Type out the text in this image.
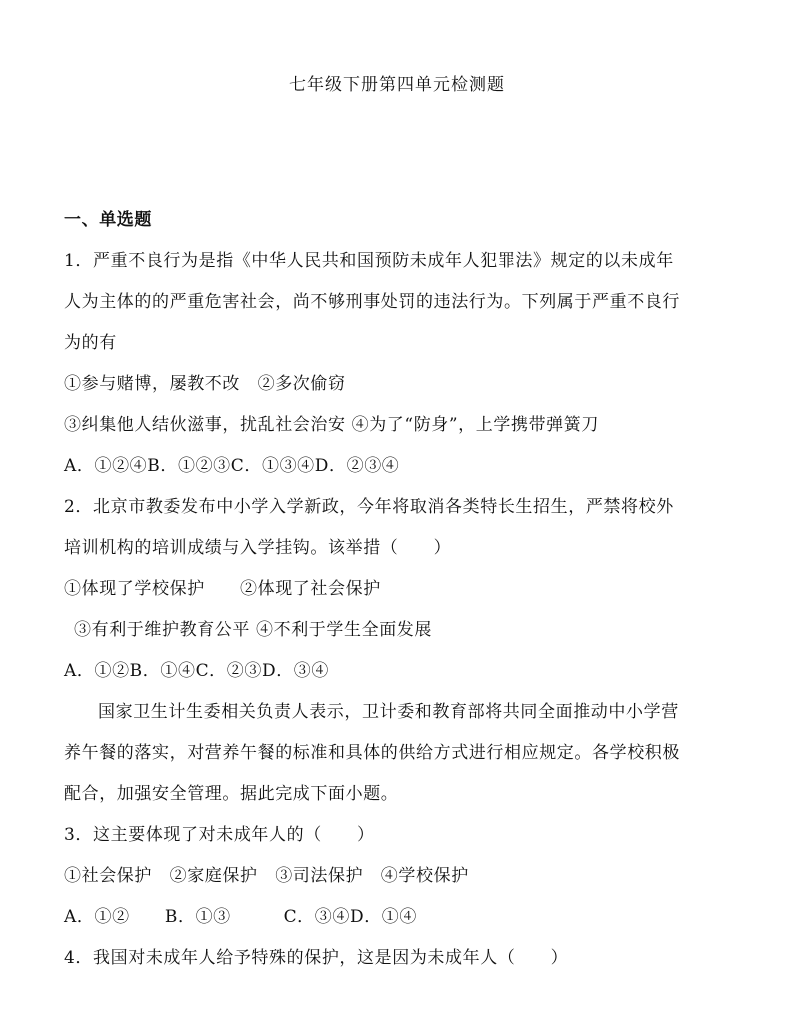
七年级下册第四单元检测题
一、单选题
1．严重不良行为是指《中华人民共和国预防未成年人犯罪法》规定的以未成年
人为主体的的严重危害社会，尚不够刑事处罚的违法行为。下列属于严重不良行
为的有
①参与赌博，屡教不改　②多次偷窃
③纠集他人结伙滋事，扰乱社会治安 ④为了“防身”，上学携带弹簧刀
A．①②④B．①②③C．①③④D．②③④
2．北京市教委发布中小学入学新政，今年将取消各类特长生招生，严禁将校外
培训机构的培训成绩与入学挂钩。该举措（　　）
①体现了学校保护　　②体现了社会保护
③有利于维护教育公平 ④不利于学生全面发展
A．①②B．①④C．②③D．③④
国家卫生计生委相关负责人表示，卫计委和教育部将共同全面推动中小学营
养午餐的落实，对营养午餐的标准和具体的供给方式进行相应规定。各学校积极
配合，加强安全管理。据此完成下面小题。
3．这主要体现了对未成年人的（　　）
①社会保护　②家庭保护　③司法保护　④学校保护
A．①②　　B．①③　　　C．③④D．①④
4．我国对未成年人给予特殊的保护，这是因为未成年人（　　）
